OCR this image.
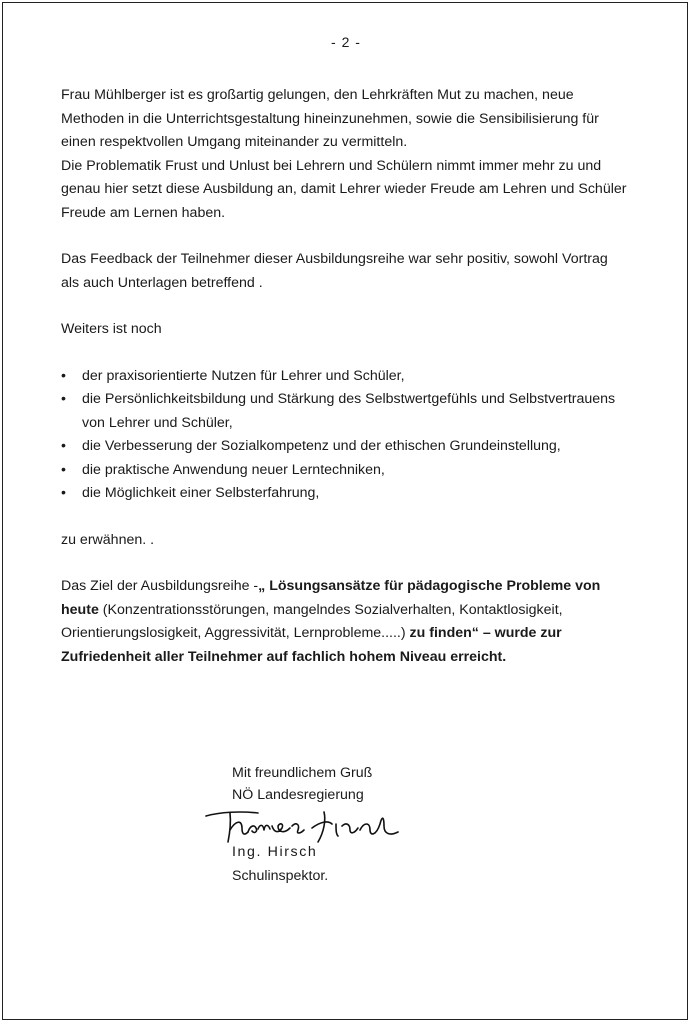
- 2 -

Frau Mühlberger ist es großartig gelungen, den Lehrkräften Mut zu machen, neue
Methoden in die Unterrichtsgestaltung hineinzunehmen, sowie die Sensibilisierung für
einen respektvollen Umgang miteinander zu vermitteln.
Die Problematik Frust und Unlust bei Lehrern und Schülern nimmt immer mehr zu und
genau hier setzt diese Ausbildung an, damit Lehrer wieder Freude am Lehren und Schüler
Freude am Lernen haben.

Das Feedback der Teilnehmer dieser Ausbildungsreihe war sehr positiv, sowohl Vortrag
als auch Unterlagen betreffend .

Weiters ist noch

• der praxisorientierte Nutzen für Lehrer und Schüler,
• die Persönlichkeitsbildung und Stärkung des Selbstwertgefühls und Selbstvertrauens
von Lehrer und Schüler,
• die Verbesserung der Sozialkompetenz und der ethischen Grundeinstellung,
• die praktische Anwendung neuer Lerntechniken,
• die Möglichkeit einer Selbsterfahrung,

zu erwähnen. .

Das Ziel der Ausbildungsreihe -„ Lösungsansätze für pädagogische Probleme von
heute (Konzentrationsstörungen, mangelndes Sozialverhalten, Kontaktlosigkeit,
Orientierungslosigkeit, Aggressivität, Lernprobleme.....) zu finden“ – wurde zur
Zufriedenheit aller Teilnehmer auf fachlich hohem Niveau erreicht.

Mit freundlichem Gruß
NÖ Landesregierung
Ing. Hirsch
Schulinspektor.
